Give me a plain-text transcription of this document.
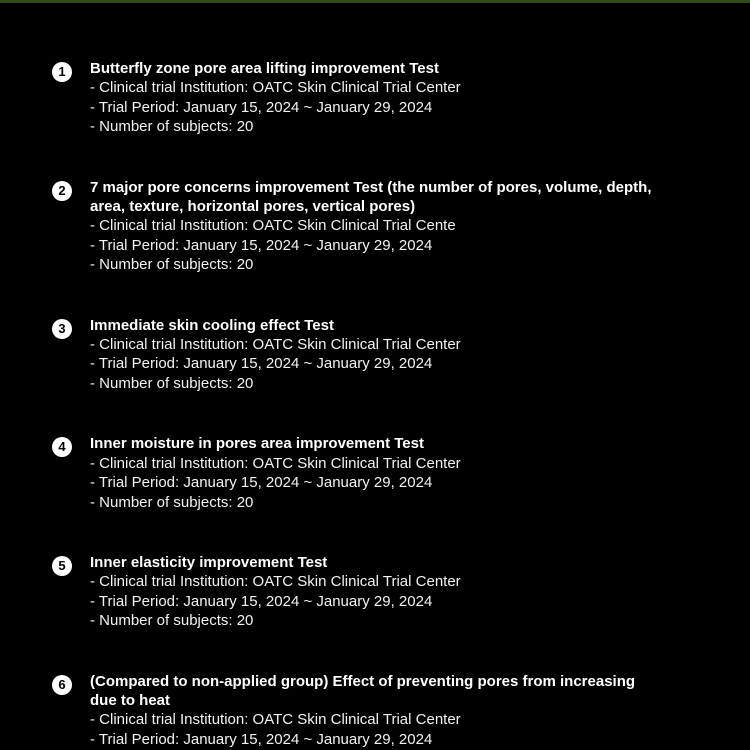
1	Butterfly zone pore area lifting improvement Test
- Clinical trial Institution: OATC Skin Clinical Trial Center
- Trial Period: January 15, 2024 ~ January 29, 2024
- Number of subjects: 20
2	7 major pore concerns improvement Test (the number of pores, volume, depth,
area, texture, horizontal pores, vertical pores)
- Clinical trial Institution: OATC Skin Clinical Trial Cente
- Trial Period: January 15, 2024 ~ January 29, 2024
- Number of subjects: 20
3	Immediate skin cooling effect Test
- Clinical trial Institution: OATC Skin Clinical Trial Center
- Trial Period: January 15, 2024 ~ January 29, 2024
- Number of subjects: 20
4	Inner moisture in pores area improvement Test
- Clinical trial Institution: OATC Skin Clinical Trial Center
- Trial Period: January 15, 2024 ~ January 29, 2024
- Number of subjects: 20
5	Inner elasticity improvement Test
- Clinical trial Institution: OATC Skin Clinical Trial Center
- Trial Period: January 15, 2024 ~ January 29, 2024
- Number of subjects: 20
6	(Compared to non-applied group) Effect of preventing pores from increasing
due to heat
- Clinical trial Institution: OATC Skin Clinical Trial Center
- Trial Period: January 15, 2024 ~ January 29, 2024
